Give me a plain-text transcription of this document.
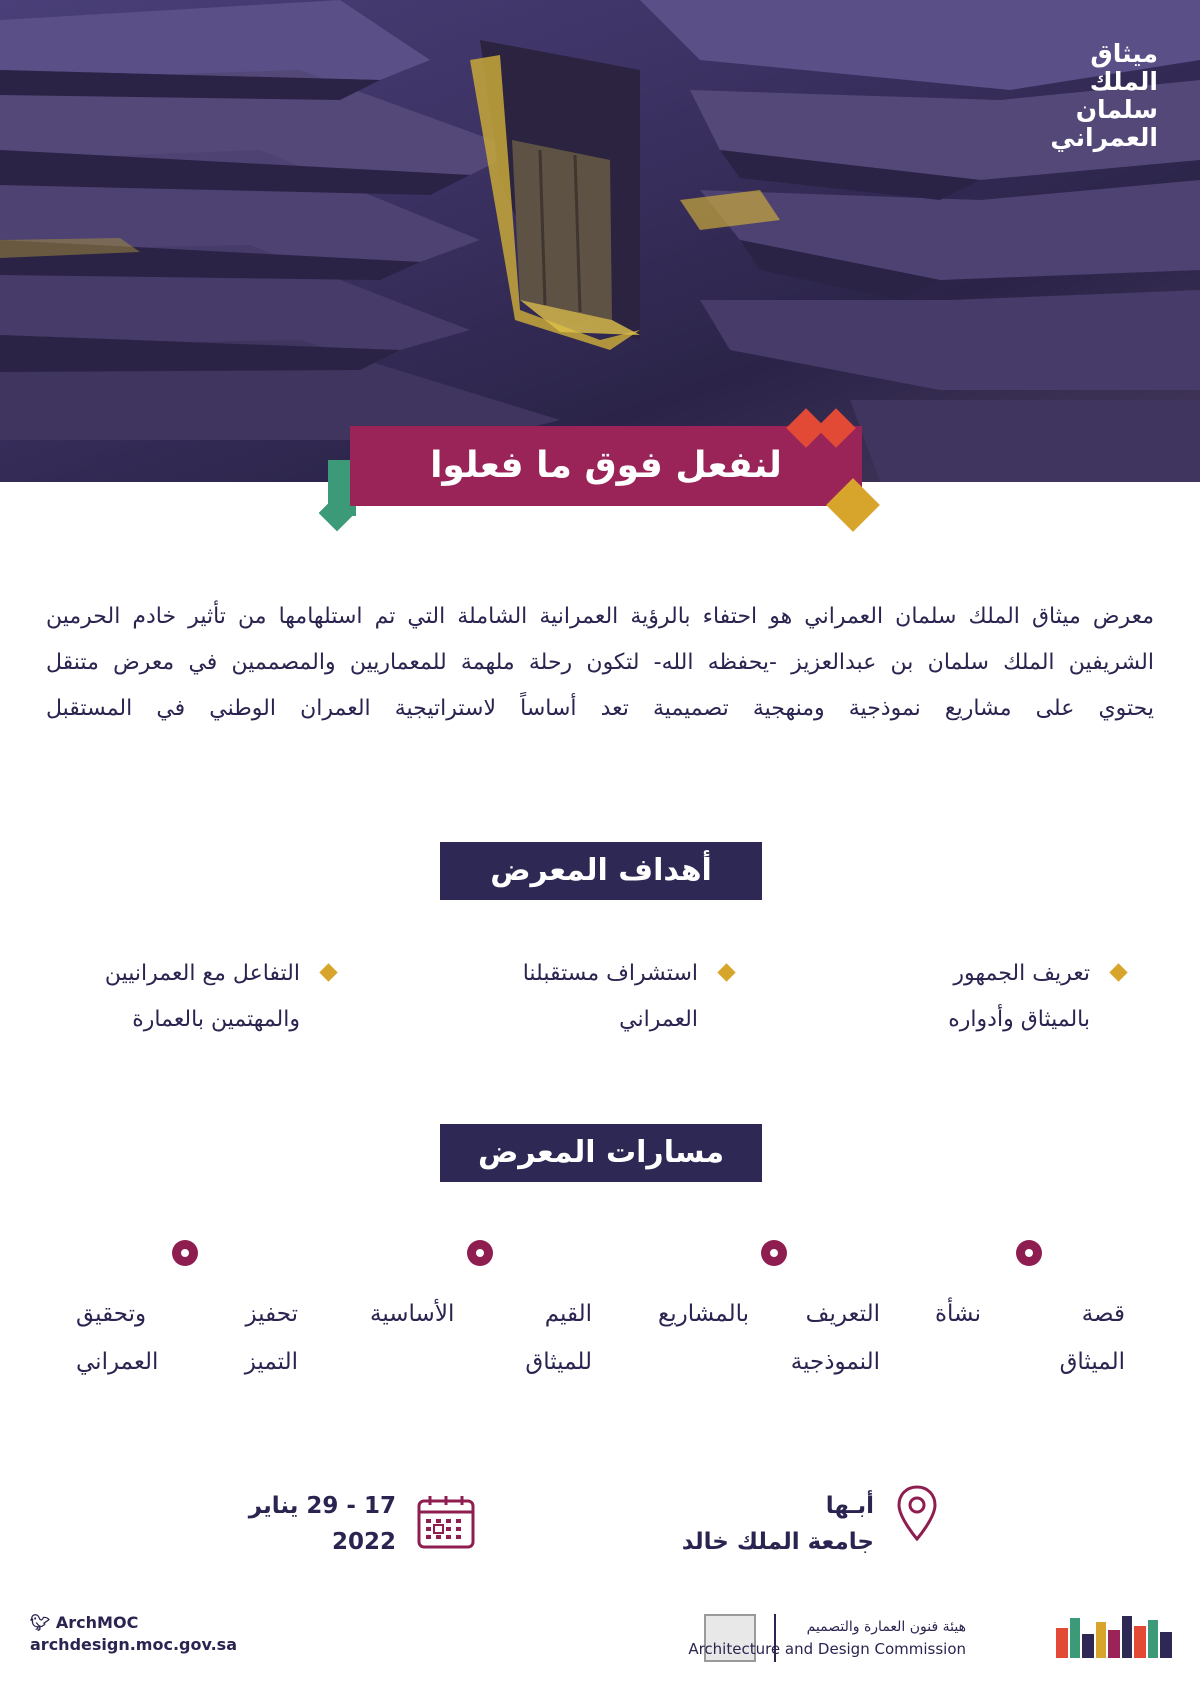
ميثاق
الملك
سلمان
العمراني
لنفعل فوق ما فعلوا
معرض ميثاق الملك سلمان العمراني هو احتفاء بالرؤية العمرانية الشاملة التي تم استلهامها من تأثير خادم الحرمين
الشريفين الملك سلمان بن عبدالعزيز -يحفظه الله- لتكون رحلة ملهمة للمعماريين والمصممين في معرض متنقل
يحتوي على مشاريع نموذجية ومنهجية تصميمية تعد أساساً لاستراتيجية العمران الوطني في المستقبل
أهداف المعرض
تعريف الجمهور
بالميثاق وأدواره
استشراف مستقبلنا
العمراني
التفاعل مع العمرانيين
والمهتمين بالعمارة
مسارات المعرض
قصة نشأة
الميثاق
التعريف بالمشاريع
النموذجية
القيم الأساسية
للميثاق
تحفيز وتحقيق
التميز العمراني
أبـها
جامعة الملك خالد
17 - 29 يناير
2022
🐦︎ ArchMOC
archdesign.moc.gov.sa
هيئة فنون العمارة والتصميم
Architecture and Design Commission
